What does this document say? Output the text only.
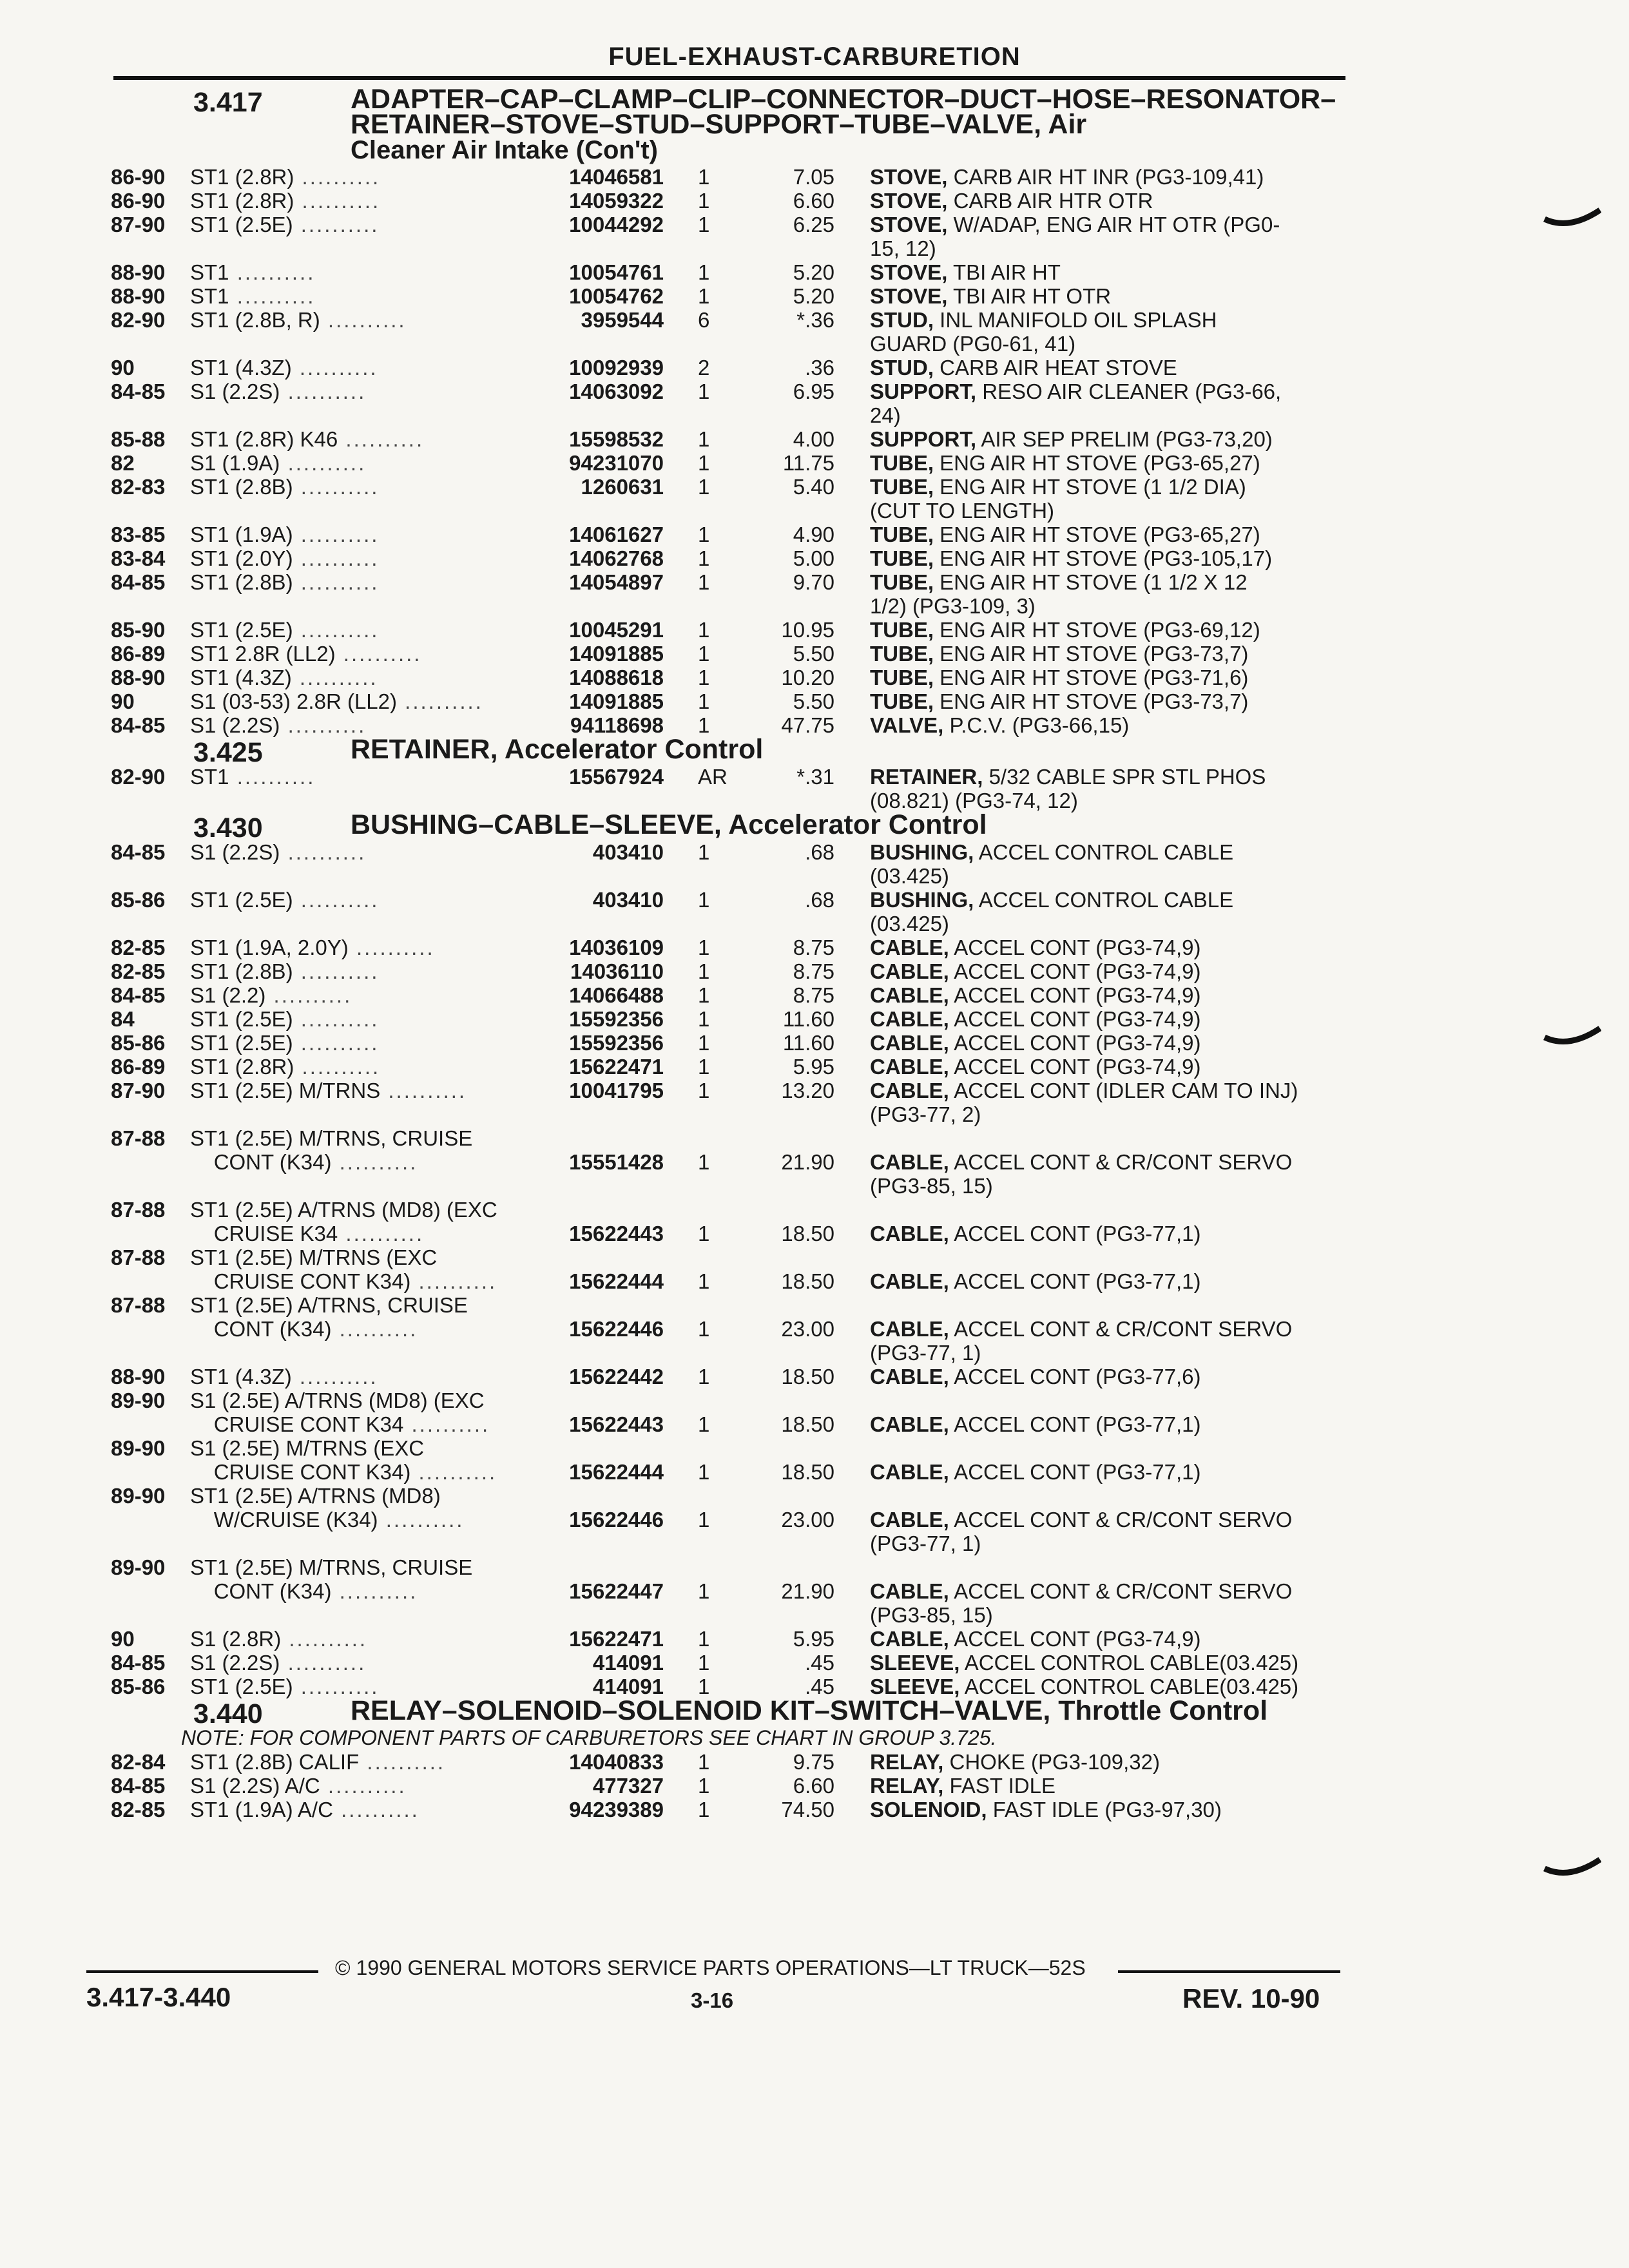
FUEL-EXHAUST-CARBURETION
3.417	ADAPTER–CAP–CLAMP–CLIP–CONNECTOR–DUCT–HOSE–RESONATOR–RETAINER–STOVE–STUD–SUPPORT–TUBE–VALVE, Air
Cleaner Air Intake (Con't)
86-90 ST1 (2.8R) ..........	14046581 1	7.05 STOVE, CARB AIR HT INR (PG3-109,41)
86-90 ST1 (2.8R) ..........	14059322 1	6.60 STOVE, CARB AIR HTR OTR
87-90 ST1 (2.5E) ..........	10044292 1	6.25 STOVE, W/ADAP, ENG AIR HT OTR (PG0-
15, 12)
88-90 ST1 ..........	10054761 1	5.20 STOVE, TBI AIR HT
88-90 ST1 ..........	10054762 1	5.20 STOVE, TBI AIR HT OTR
82-90 ST1 (2.8B, R) ..........	3959544 6	*.36 STUD, INL MANIFOLD OIL SPLASH
GUARD (PG0-61, 41)
90	ST1 (4.3Z) ..........	10092939 2	.36 STUD, CARB AIR HEAT STOVE
84-85 S1 (2.2S) ..........	14063092 1	6.95 SUPPORT, RESO AIR CLEANER (PG3-66,
24)
85-88 ST1 (2.8R) K46 ..........	15598532 1	4.00 SUPPORT, AIR SEP PRELIM (PG3-73,20)
82	S1 (1.9A) ..........	94231070 1	11.75 TUBE, ENG AIR HT STOVE (PG3-65,27)
82-83 ST1 (2.8B) ..........	1260631 1	5.40 TUBE, ENG AIR HT STOVE (1 1/2 DIA)
(CUT TO LENGTH)
83-85 ST1 (1.9A) ..........	14061627 1	4.90 TUBE, ENG AIR HT STOVE (PG3-65,27)
83-84 ST1 (2.0Y) ..........	14062768 1	5.00 TUBE, ENG AIR HT STOVE (PG3-105,17)
84-85 ST1 (2.8B) ..........	14054897 1	9.70 TUBE, ENG AIR HT STOVE (1 1/2 X 12
1/2) (PG3-109, 3)
85-90 ST1 (2.5E) ..........	10045291 1	10.95 TUBE, ENG AIR HT STOVE (PG3-69,12)
86-89 ST1 2.8R (LL2) ..........	14091885 1	5.50 TUBE, ENG AIR HT STOVE (PG3-73,7)
88-90 ST1 (4.3Z) ..........	14088618 1	10.20 TUBE, ENG AIR HT STOVE (PG3-71,6)
90	S1 (03-53) 2.8R (LL2) ..........	14091885 1	5.50 TUBE, ENG AIR HT STOVE (PG3-73,7)
84-85 S1 (2.2S) ..........	94118698 1	47.75 VALVE, P.C.V. (PG3-66,15)
3.425	RETAINER, Accelerator Control
82-90 ST1 ..........	15567924 AR	*.31 RETAINER, 5/32 CABLE SPR STL PHOS
(08.821) (PG3-74, 12)
3.430	BUSHING–CABLE–SLEEVE, Accelerator Control
84-85 S1 (2.2S) ..........	403410 1	.68 BUSHING, ACCEL CONTROL CABLE
(03.425)
85-86 ST1 (2.5E) ..........	403410 1	.68 BUSHING, ACCEL CONTROL CABLE
(03.425)
82-85 ST1 (1.9A, 2.0Y) ..........	14036109 1	8.75 CABLE, ACCEL CONT (PG3-74,9)
82-85 ST1 (2.8B) ..........	14036110 1	8.75 CABLE, ACCEL CONT (PG3-74,9)
84-85 S1 (2.2) ..........	14066488 1	8.75 CABLE, ACCEL CONT (PG3-74,9)
84	ST1 (2.5E) ..........	15592356 1	11.60 CABLE, ACCEL CONT (PG3-74,9)
85-86 ST1 (2.5E) ..........	15592356 1	11.60 CABLE, ACCEL CONT (PG3-74,9)
86-89 ST1 (2.8R) ..........	15622471 1	5.95 CABLE, ACCEL CONT (PG3-74,9)
87-90 ST1 (2.5E) M/TRNS ..........	10041795 1	13.20 CABLE, ACCEL CONT (IDLER CAM TO INJ)
(PG3-77, 2)
87-88 ST1 (2.5E) M/TRNS, CRUISE
CONT (K34) ..........	15551428 1	21.90 CABLE, ACCEL CONT & CR/CONT SERVO
(PG3-85, 15)
87-88 ST1 (2.5E) A/TRNS (MD8) (EXC
CRUISE K34 ..........	15622443 1	18.50 CABLE, ACCEL CONT (PG3-77,1)
87-88 ST1 (2.5E) M/TRNS (EXC
CRUISE CONT K34) ..........	15622444 1	18.50 CABLE, ACCEL CONT (PG3-77,1)
87-88 ST1 (2.5E) A/TRNS, CRUISE
CONT (K34) ..........	15622446 1	23.00 CABLE, ACCEL CONT & CR/CONT SERVO
(PG3-77, 1)
88-90 ST1 (4.3Z) ..........	15622442 1	18.50 CABLE, ACCEL CONT (PG3-77,6)
89-90 S1 (2.5E) A/TRNS (MD8) (EXC
CRUISE CONT K34 ..........	15622443 1	18.50 CABLE, ACCEL CONT (PG3-77,1)
89-90 S1 (2.5E) M/TRNS (EXC
CRUISE CONT K34) ..........	15622444 1	18.50 CABLE, ACCEL CONT (PG3-77,1)
89-90 ST1 (2.5E) A/TRNS (MD8)
W/CRUISE (K34) ..........	15622446 1	23.00 CABLE, ACCEL CONT & CR/CONT SERVO
(PG3-77, 1)
89-90 ST1 (2.5E) M/TRNS, CRUISE
CONT (K34) ..........	15622447 1	21.90 CABLE, ACCEL CONT & CR/CONT SERVO
(PG3-85, 15)
90	S1 (2.8R) ..........	15622471 1	5.95 CABLE, ACCEL CONT (PG3-74,9)
84-85 S1 (2.2S) ..........	414091 1	.45 SLEEVE, ACCEL CONTROL CABLE(03.425)
85-86 ST1 (2.5E) ..........	414091 1	.45 SLEEVE, ACCEL CONTROL CABLE(03.425)
3.440	RELAY–SOLENOID–SOLENOID KIT–SWITCH–VALVE, Throttle Control
NOTE: FOR COMPONENT PARTS OF CARBURETORS SEE CHART IN GROUP 3.725.
82-84 ST1 (2.8B) CALIF ..........	14040833 1	9.75 RELAY, CHOKE (PG3-109,32)
84-85 S1 (2.2S) A/C ..........	477327 1	6.60 RELAY, FAST IDLE
82-85 ST1 (1.9A) A/C ..........	94239389 1	74.50 SOLENOID, FAST IDLE (PG3-97,30)
© 1990 GENERAL MOTORS SERVICE PARTS OPERATIONS—LT TRUCK—52S
3.417-3.440	3-16	REV. 10-90
